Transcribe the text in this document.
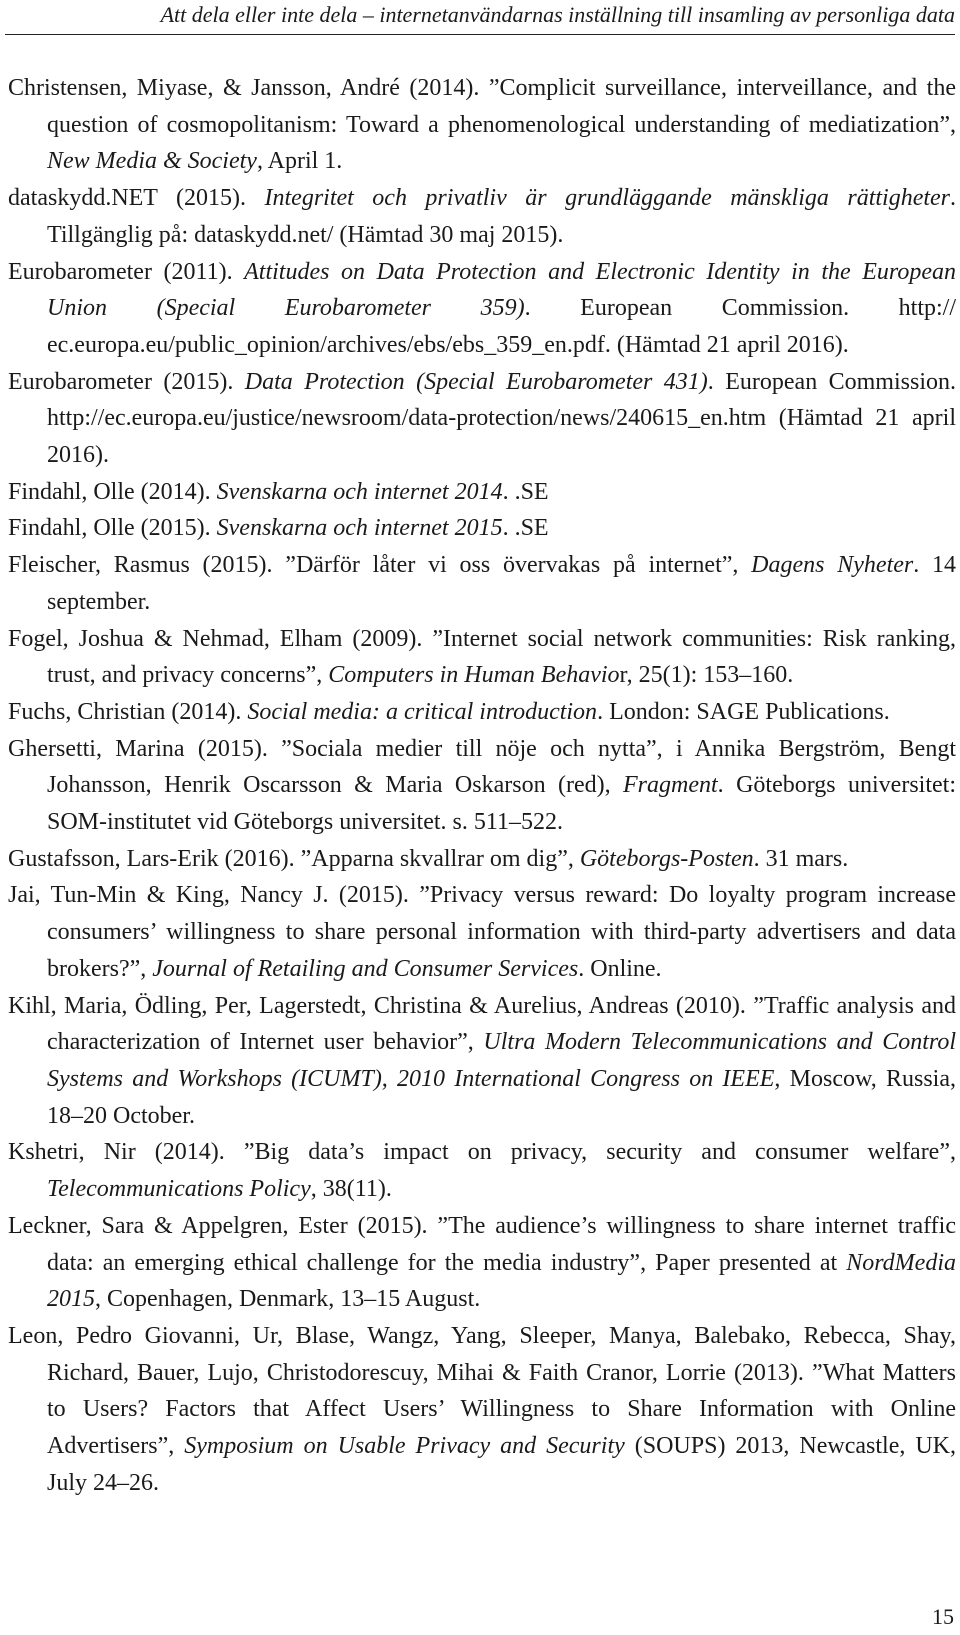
Att dela eller inte dela – internetanvändarnas inställning till insamling av personliga data

Christensen, Miyase, & Jansson, André (2014). ”Complicit surveillance, interveillance, and the question of cosmopolitanism: Toward a phenomenological understanding of mediatization”, New Media & Society, April 1.

dataskydd.NET (2015). Integritet och privatliv är grundläggande mänskliga rättigheter. Tillgänglig på: dataskydd.net/ (Hämtad 30 maj 2015).

Eurobarometer (2011). Attitudes on Data Protection and Electronic Identity in the European Union (Special Eurobarometer 359). European Commission. http://​ec.europa.eu/public_opinion/archives/ebs/ebs_359_en.pdf. (Hämtad 21 april 2016).

Eurobarometer (2015). Data Protection (Special Eurobarometer 431). European Commission. http://ec.europa.eu/justice/newsroom/data-protection/​news/240615_en.htm (Hämtad 21 april 2016).

Findahl, Olle (2014). Svenskarna och internet 2014. .SE

Findahl, Olle (2015). Svenskarna och internet 2015. .SE

Fleischer, Rasmus (2015). ”Därför låter vi oss övervakas på internet”, Dagens Nyheter. 14 september.

Fogel, Joshua & Nehmad, Elham (2009). ”Internet social network communities: Risk ranking, trust, and privacy concerns”, Computers in Human Behavior, 25(1): 153–160.

Fuchs, Christian (2014). Social media: a critical introduction. London: SAGE Publications.

Ghersetti, Marina (2015). ”Sociala medier till nöje och nytta”, i Annika Bergström, Bengt Johansson, Henrik Oscarsson & Maria Oskarson (red), Fragment. Göteborgs universitet: SOM-institutet vid Göteborgs universitet. s. 511–522.

Gustafsson, Lars-Erik (2016). ”Apparna skvallrar om dig”, Göteborgs-Posten. 31 mars.

Jai, Tun-Min & King, Nancy J. (2015). ”Privacy versus reward: Do loyalty program increase consumers’ willingness to share personal information with third-party advertisers and data brokers?”, Journal of Retailing and Consumer Services. Online.

Kihl, Maria, Ödling, Per, Lagerstedt, Christina & Aurelius, Andreas (2010). ”Traffic analysis and characterization of Internet user behavior”, Ultra Modern Telecommunications and Control Systems and Workshops (ICUMT), 2010 International Congress on IEEE, Moscow, Russia, 18–20 October.

Kshetri, Nir (2014). ”Big data’s impact on privacy, security and consumer welfare”, Telecommunications Policy, 38(11).

Leckner, Sara & Appelgren, Ester (2015). ”The audience’s willingness to share internet traffic data: an emerging ethical challenge for the media industry”, Paper presented at NordMedia 2015, Copenhagen, Denmark, 13–15 August.

Leon, Pedro Giovanni, Ur, Blase, Wangz, Yang, Sleeper, Manya, Balebako, Rebecca, Shay, Richard, Bauer, Lujo, Christodorescuy, Mihai & Faith Cranor, Lorrie (2013). ”What Matters to Users? Factors that Affect Users’ Willingness to Share Information with Online Advertisers”, Symposium on Usable Privacy and Security (SOUPS) 2013, Newcastle, UK, July 24–26.

15
